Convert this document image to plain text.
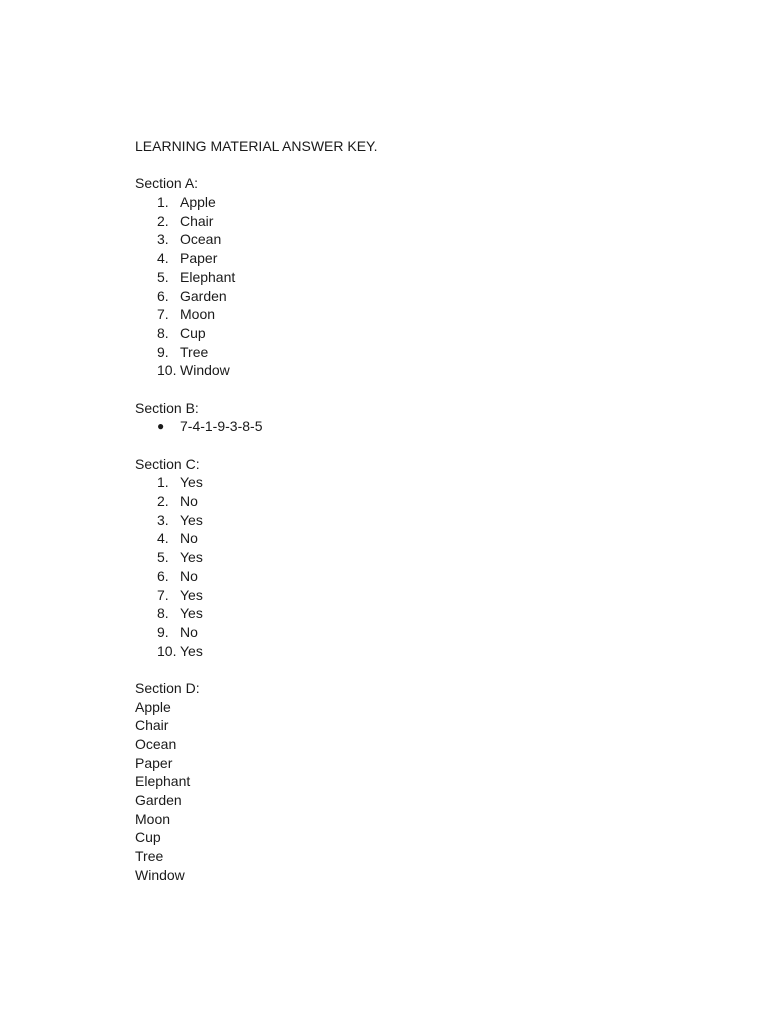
LEARNING MATERIAL ANSWER KEY.
Section A:
1. Apple
2. Chair
3. Ocean
4. Paper
5. Elephant
6. Garden
7. Moon
8. Cup
9. Tree
10. Window
Section B:
●	7-4-1-9-3-8-5
Section C:
1. Yes
2. No
3. Yes
4. No
5. Yes
6. No
7. Yes
8. Yes
9. No
10. Yes
Section D:
Apple
Chair
Ocean
Paper
Elephant
Garden
Moon
Cup
Tree
Window
